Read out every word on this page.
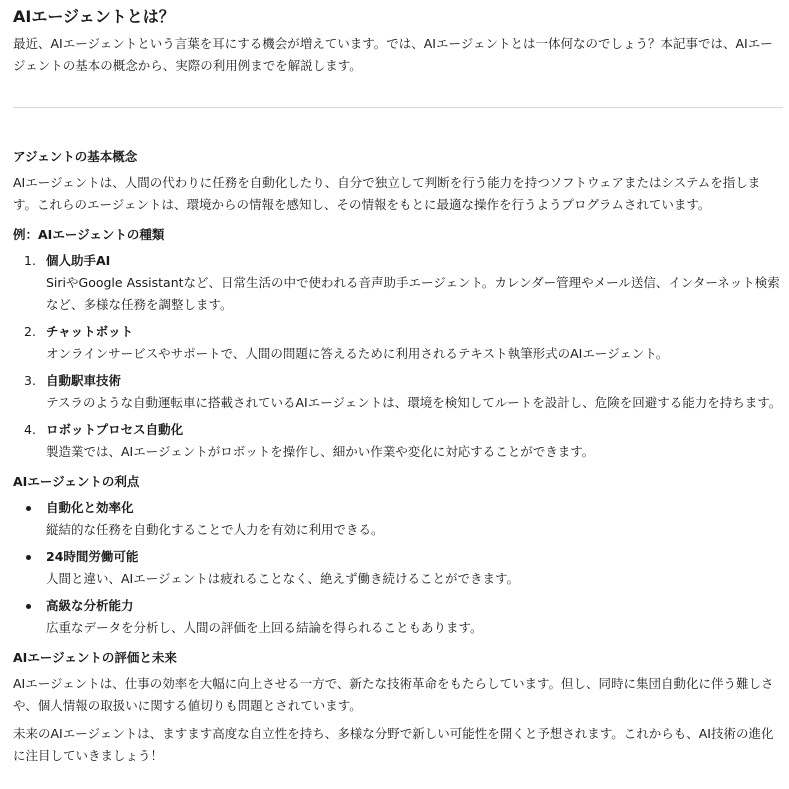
AIエージェントとは？

最近、AIエージェントという言葉を耳にする機会が増えています。では、AIエージェントとは一体何なのでしょう？本記事では、AIエージェントの基本の概念から、実際の利用例までを解説します。

アジェントの基本概念

AIエージェントは、人間の代わりに任務を自動化したり、自分で独立して判断を行う能力を持つソフトウェアまたはシステムを指します。これらのエージェントは、環境からの情報を感知し、その情報をもとに最適な操作を行うようプログラムされています。

例：AIエージェントの種類
1. 個人助手AI
SiriやGoogle Assistantなど、日常生活の中で使われる音声助手エージェント。カレンダー管理やメール送信、インターネット検索など、多様な任務を調整します。
2. チャットボット
オンラインサービスやサポートで、人間の問題に答えるために利用されるテキスト執筆形式のAIエージェント。
3. 自動駅車技術
テスラのような自動運転車に搭載されているAIエージェントは、環境を検知してルートを設計し、危険を回避する能力を持ちます。
4. ロボットプロセス自動化
製造業では、AIエージェントがロボットを操作し、細かい作業や変化に対応することができます。
AIエージェントの利点
自動化と効率化
縦結的な任務を自動化することで人力を有効に利用できる。
24時間労働可能
人間と違い、AIエージェントは疲れることなく、絶えず働き続けることができます。
高級な分析能力
広重なデータを分析し、人間の評価を上回る結論を得られることもあります。
AIエージェントの評価と未来

AIエージェントは、仕事の効率を大幅に向上させる一方で、新たな技術革命をもたらしています。但し、同時に集団自動化に伴う難しさや、個人情報の取扱いに関する値切りも問題とされています。

未来のAIエージェントは、ますます高度な自立性を持ち、多様な分野で新しい可能性を開くと予想されます。これからも、AI技術の進化に注目していきましょう！
